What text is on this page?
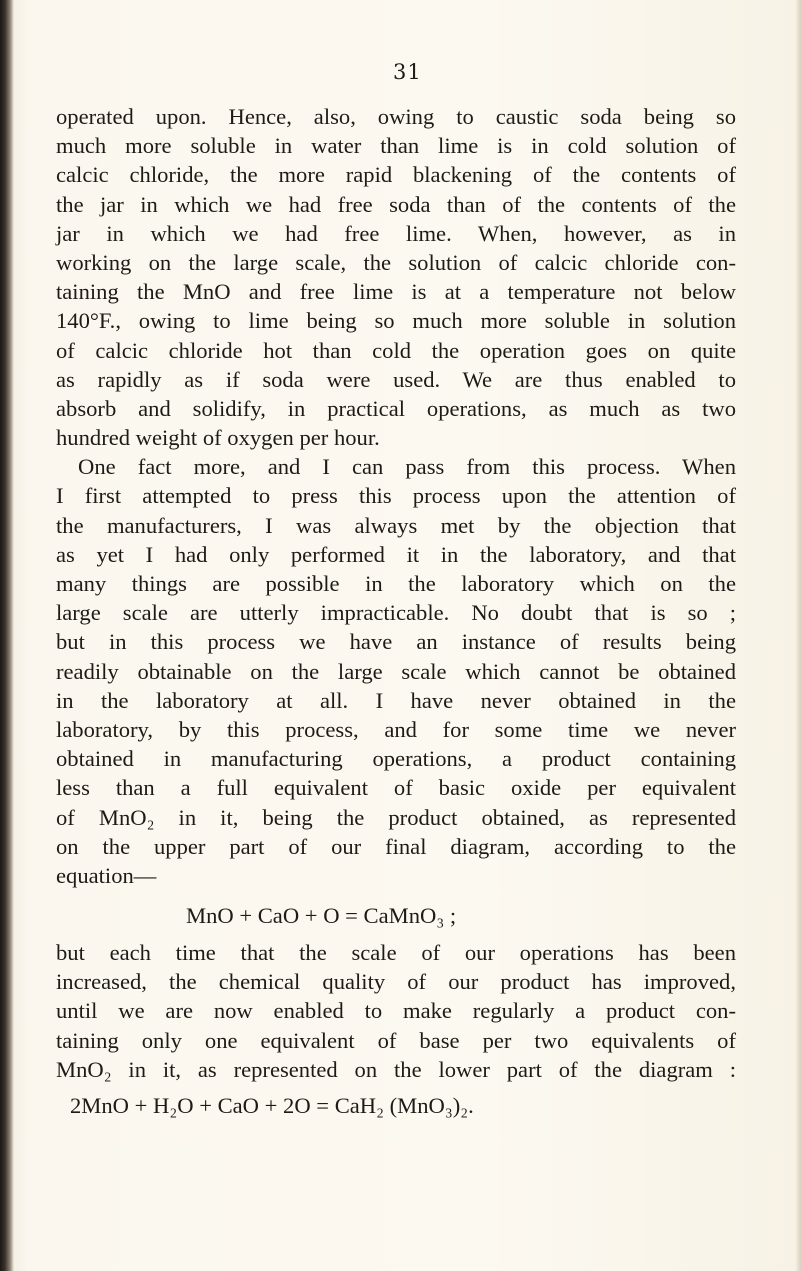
31
operated upon. Hence, also, owing to caustic soda being so
much more soluble in water than lime is in cold solution of
calcic chloride, the more rapid blackening of the contents of
the jar in which we had free soda than of the contents of the
jar in which we had free lime. When, however, as in
working on the large scale, the solution of calcic chloride con-
taining the MnO and free lime is at a temperature not below
140°F., owing to lime being so much more soluble in solution
of calcic chloride hot than cold the operation goes on quite
as rapidly as if soda were used. We are thus enabled to
absorb and solidify, in practical operations, as much as two
hundred weight of oxygen per hour.
One fact more, and I can pass from this process. When
I first attempted to press this process upon the attention of
the manufacturers, I was always met by the objection that
as yet I had only performed it in the laboratory, and that
many things are possible in the laboratory which on the
large scale are utterly impracticable. No doubt that is so ;
but in this process we have an instance of results being
readily obtainable on the large scale which cannot be obtained
in the laboratory at all. I have never obtained in the
laboratory, by this process, and for some time we never
obtained in manufacturing operations, a product containing
less than a full equivalent of basic oxide per equivalent
of MnO₂ in it, being the product obtained, as represented
on the upper part of our final diagram, according to the
equation—
MnO + CaO + O = CaMnO₃ ;
but each time that the scale of our operations has been
increased, the chemical quality of our product has improved,
until we are now enabled to make regularly a product con-
taining only one equivalent of base per two equivalents of
MnO₂ in it, as represented on the lower part of the diagram :
2MnO + H₂O + CaO + 2O = CaH₂ (MnO₃)₂.
